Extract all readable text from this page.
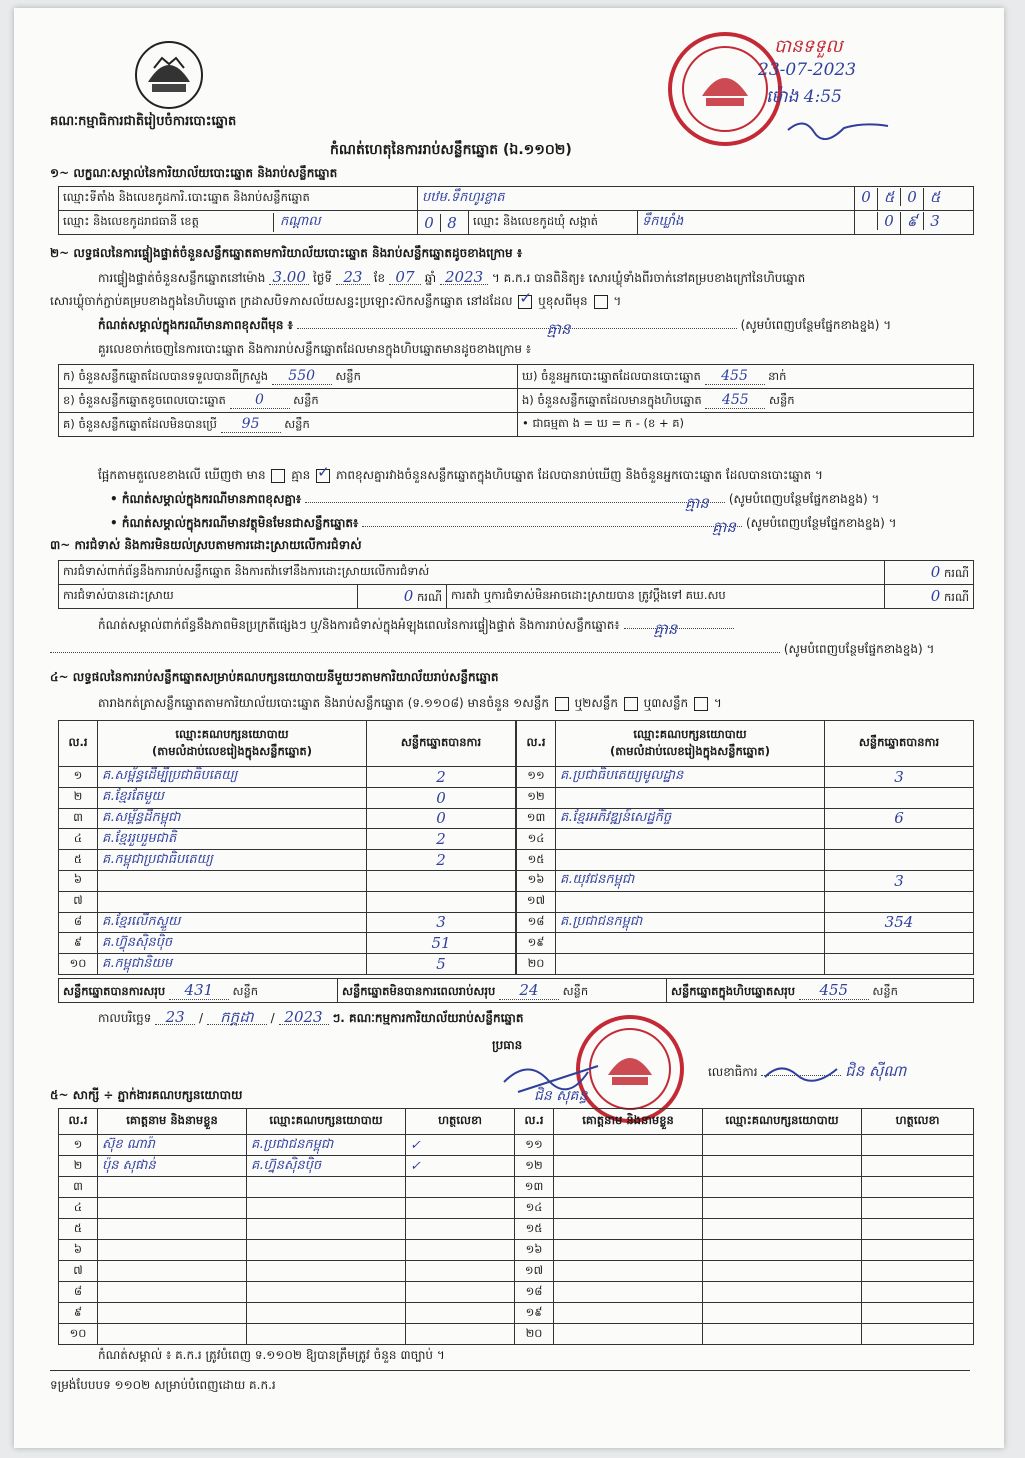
គណៈកម្មាធិការជាតិរៀបចំការបោះឆ្នោត
បានទទួល
23-07-2023
ម៉ោង 4:55
កំណត់ហេតុនៃការរាប់សន្លឹកឆ្នោត (ឯ.១១០២)
១~ លក្ខណៈសម្គាល់នៃការិយាល័យបោះឆ្នោត និងរាប់សន្លឹកឆ្នោត
ឈ្មោះទីតាំង និងលេខកូដការិ.បោះឆ្នោត និងរាប់សន្លឹកឆ្នោត	បឋម.ទឹកហូរខ្លាត			0 ៥ 0 ៥
ឈ្មោះ និងលេខកូដរាជធានី ខេត្ត កណ្តាល	0 8	ឈ្មោះ និងលេខកូដឃុំ សង្កាត់	ទឹកឃ្លាំង	0 ៩ 3
២~ លទ្ធផលនៃការផ្ទៀងផ្ទាត់ចំនួនសន្លឹកឆ្នោតតាមការិយាល័យបោះឆ្នោត និងរាប់សន្លឹកឆ្នោតដូចខាងក្រោម ៖
ការផ្ទៀងផ្ទាត់ចំនួនសន្លឹកឆ្នោតនៅម៉ោង 3.00 ថ្ងៃទី 23 ខែ 07 ឆ្នាំ 2023 ។ គ.ក.រ បានពិនិត្យ៖ សោរឃ្លុំទាំងពីរចាក់នៅគម្របខាងក្រៅនៃហិបឆ្នោត
សោរឃ្លុំចាក់ភ្ជាប់គម្របខាងក្នុងនៃហិបឆ្នោត ក្រដាសបិទភាសល័យសន្ទះប្រឡោះស៊កសន្លឹកឆ្នោត នៅដដែល ✓ ឬខុសពីមុន  ។
កំណត់សម្គាល់ក្នុងករណីមានភាពខុសពីមុន ៖	គ្មាន	(សូមបំពេញបន្ថែមផ្នែកខាងខ្នង) ។
គួរលេខចាក់ចេញនៃការបោះឆ្នោត និងការរាប់សន្លឹកឆ្នោតដែលមានក្នុងហិបឆ្នោតមានដូចខាងក្រោម ៖
ក) ចំនួនសន្លឹកឆ្នោតដែលបានទទួលបានពីក្រសួង 550 សន្លឹក	ឃ) ចំនួនអ្នកបោះឆ្នោតដែលបានបោះឆ្នោត 455 នាក់
ខ) ចំនួនសន្លឹកឆ្នោតខូចពេលបោះឆ្នោត 0 សន្លឹក	ង) ចំនួនសន្លឹកឆ្នោតដែលមានក្នុងហិបឆ្នោត 455 សន្លឹក
គ) ចំនួនសន្លឹកឆ្នោតដែលមិនបានប្រើ 95 សន្លឹក	• ជាធម្មតា ង = ឃ = ក - (ខ + គ)
ផ្អែកតាមតួលេខខាងលើ ឃើញថា មាន គ្មាន ✓ ភាពខុសគ្នារវាងចំនួនសន្លឹកឆ្នោតក្នុងហិបឆ្នោត ដែលបានរាប់ឃើញ និងចំនួនអ្នកបោះឆ្នោត ដែលបានបោះឆ្នោត ។
• កំណត់សម្គាល់ក្នុងករណីមានភាពខុសគ្នា៖	គ្មាន (សូមបំពេញបន្ថែមផ្នែកខាងខ្នង) ។
• កំណត់សម្គាល់ក្នុងករណីមានវត្ថុមិនមែនជាសន្លឹកឆ្នោត៖	គ្មាន (សូមបំពេញបន្ថែមផ្នែកខាងខ្នង) ។
៣~ ការជំទាស់ និងការមិនយល់ស្របតាមការដោះស្រាយលើការជំទាស់
ការជំទាស់ពាក់ព័ន្ធនឹងការរាប់សន្លឹកឆ្នោត និងការតវ៉ាទៅនឹងការដោះស្រាយលើការជំទាស់			0 ករណី
ការជំទាស់បានដោះស្រាយ	0 ករណី	ការតវ៉ា ឬការជំទាស់មិនអាចដោះស្រាយបាន ត្រូវប្តឹងទៅ គឃ.សប	0 ករណី
កំណត់សម្គាល់ពាក់ព័ន្ធនឹងភាពមិនប្រក្រតីផ្សេងៗ ឬ/និងការជំទាស់ក្នុងអំឡុងពេលនៃការផ្ទៀងផ្ទាត់ និងការរាប់សន្លឹកឆ្នោត៖ គ្មាន
(សូមបំពេញបន្ថែមផ្នែកខាងខ្នង) ។
៤~ លទ្ធផលនៃការរាប់សន្លឹកឆ្នោតសម្រាប់គណបក្សនយោបាយនីមួយៗតាមការិយាល័យរាប់សន្លឹកឆ្នោត
តារាងកត់ត្រាសន្លឹកឆ្នោតតាមការិយាល័យបោះឆ្នោត និងរាប់សន្លឹកឆ្នោត (ទ.១១០៨) មានចំនួន ១សន្លឹក ឬ២សន្លឹក ឬ៣សន្លឹក  ។
ល.រ	ឈ្មោះគណបក្សនយោបាយ
(តាមលំដាប់លេខរៀងក្នុងសន្លឹកឆ្នោត)	សន្លឹកឆ្នោតបានការ
១	គ.សម្ព័ន្ធដើម្បីប្រជាធិបតេយ្យ	2
២	គ.ខ្មែរតែមួយ	0
៣	គ.សម្ព័ន្ធដីកម្ពុជា	0
៤	គ.ខ្មែររួបរួមជាតិ	2
៥	គ.កម្ពុជាប្រជាធិបតេយ្យ	2
៦		
៧		
៨	គ.ខ្មែរលើកស្ទួយ	3
៩	គ.ហ៊្វុនស៊ិនប៉ិច	51
១០	គ.កម្ពុជានិយម	5
ល.រ	ឈ្មោះគណបក្សនយោបាយ
(តាមលំដាប់លេខរៀងក្នុងសន្លឹកឆ្នោត)	សន្លឹកឆ្នោតបានការ
១១	គ.ប្រជាធិបតេយ្យមូលដ្ឋាន	3
១២		
១៣	គ.ខ្មែរអភិវឌ្ឍន៍សេដ្ឋកិច្ច	6
១៤		
១៥		
១៦	គ.យុវជនកម្ពុជា	3
១៧		
១៨	គ.ប្រជាជនកម្ពុជា	354
១៩		
២០		
សន្លឹកឆ្នោតបានការសរុប 431 សន្លឹក	សន្លឹកឆ្នោតមិនបានការពេលរាប់សរុប 24 សន្លឹក	សន្លឹកឆ្នោតក្នុងហិបឆ្នោតសរុប 455 សន្លឹក
កាលបរិច្ឆេទ 23 / កក្កដា / 2023 ៗ. គណៈកម្មការការិយាល័យរាប់សន្លឹកឆ្នោត
ប្រធាន
ជិន សុគន្ធ
លេខាធិការ	ជិន ស៊ីណា
៥~ សាក្សី ÷ ភ្នាក់ងារគណបក្សនយោបាយ
ល.រ	គោត្តនាម និងនាមខ្លួន	ឈ្មោះគណបក្សនយោបាយ	ហត្ថលេខា	ល.រ	គោត្តនាម និងនាមខ្លួន	ឈ្មោះគណបក្សនយោបាយ	ហត្ថលេខា
១	ស៊ុខ ណារ៉ា	គ.ប្រជាជនកម្ពុជា	✓	១១			
២	ប៉ុន សុផាន់	គ.ហ្វ៊ុនស៊ិនប៉ិច	✓	១២			
៣				១៣			
៤				១៤			
៥				១៥			
៦				១៦			
៧				១៧			
៨				១៨			
៩				១៩			
១០				២០			
កំណត់សម្គាល់ ៖ គ.ក.រ ត្រូវបំពេញ ទ.១១០២ ឱ្យបានត្រឹមត្រូវ ចំនួន ៣ច្បាប់ ។
ទម្រង់បែបបទ ១១០២ សម្រាប់បំពេញដោយ គ.ក.រ
